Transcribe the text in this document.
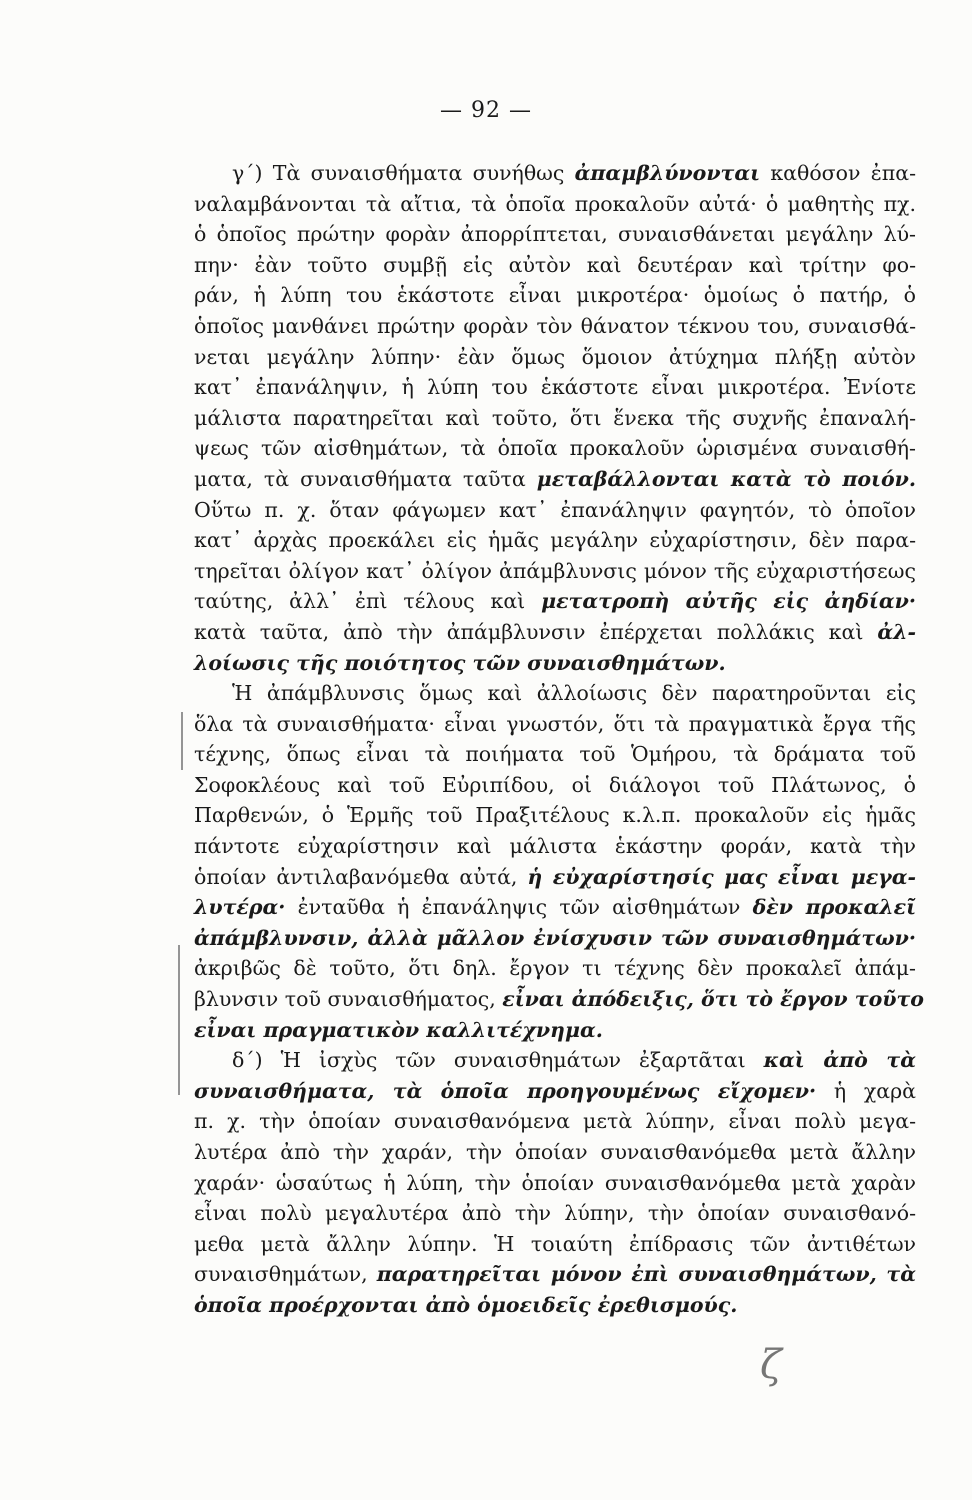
— 92 —
γ΄) Τὰ συναισθήματα συνήθως ἀπαμβλύνονται καθόσον ἐπα-
ναλαμβάνονται τὰ αἴτια, τὰ ὁποῖα προκαλοῦν αὐτά· ὁ μαθητὴς πχ.
ὁ ὁποῖος πρώτην φορὰν ἀπορρίπτεται, συναισθάνεται μεγάλην λύ-
πην· ἐὰν τοῦτο συμβῇ εἰς αὐτὸν καὶ δευτέραν καὶ τρίτην φο-
ράν, ἡ λύπη του ἑκάστοτε εἶναι μικροτέρα· ὁμοίως ὁ πατήρ, ὁ
ὁποῖος μανθάνει πρώτην φορὰν τὸν θάνατον τέκνου του, συναισθά-
νεται μεγάλην λύπην· ἐὰν ὅμως ὅμοιον ἀτύχημα πλήξῃ αὐτὸν
κατ᾽ ἐπανάληψιν, ἡ λύπη του ἑκάστοτε εἶναι μικροτέρα. Ἐνίοτε
μάλιστα παρατηρεῖται καὶ τοῦτο, ὅτι ἕνεκα τῆς συχνῆς ἐπαναλή-
ψεως τῶν αἰσθημάτων, τὰ ὁποῖα προκαλοῦν ὡρισμένα συναισθή-
ματα, τὰ συναισθήματα ταῦτα μεταβάλλονται κατὰ τὸ ποιόν.
Οὕτω π. χ. ὅταν φάγωμεν κατ᾽ ἐπανάληψιν φαγητόν, τὸ ὁποῖον
κατ᾽ ἀρχὰς προεκάλει εἰς ἡμᾶς μεγάλην εὐχαρίστησιν, δὲν παρα-
τηρεῖται ὀλίγον κατ᾽ ὀλίγον ἀπάμβλυνσις μόνον τῆς εὐχαριστήσεως
ταύτης, ἀλλ᾽ ἐπὶ τέλους καὶ μετατροπὴ αὐτῆς εἰς ἀηδίαν·
κατὰ ταῦτα, ἀπὸ τὴν ἀπάμβλυνσιν ἐπέρχεται πολλάκις καὶ ἀλ-
λοίωσις τῆς ποιότητος τῶν συναισθημάτων.
Ἡ ἀπάμβλυνσις ὅμως καὶ ἀλλοίωσις δὲν παρατηροῦνται εἰς
ὅλα τὰ συναισθήματα· εἶναι γνωστόν, ὅτι τὰ πραγματικὰ ἔργα τῆς
τέχνης, ὅπως εἶναι τὰ ποιήματα τοῦ Ὁμήρου, τὰ δράματα τοῦ
Σοφοκλέους καὶ τοῦ Εὐριπίδου, οἱ διάλογοι τοῦ Πλάτωνος, ὁ
Παρθενών, ὁ Ἑρμῆς τοῦ Πραξιτέλους κ.λ.π. προκαλοῦν εἰς ἡμᾶς
πάντοτε εὐχαρίστησιν καὶ μάλιστα ἑκάστην φοράν, κατὰ τὴν
ὁποίαν ἀντιλαβανόμεθα αὐτά, ἡ εὐχαρίστησίς μας εἶναι μεγα-
λυτέρα· ἐνταῦθα ἡ ἐπανάληψις τῶν αἰσθημάτων δὲν προκαλεῖ
ἀπάμβλυνσιν, ἀλλὰ μᾶλλον ἐνίσχυσιν τῶν συναισθημάτων·
ἀκριβῶς δὲ τοῦτο, ὅτι δηλ. ἔργον τι τέχνης δὲν προκαλεῖ ἀπάμ-
βλυνσιν τοῦ συναισθήματος, εἶναι ἀπόδειξις, ὅτι τὸ ἔργον τοῦτο
εἶναι πραγματικὸν καλλιτέχνημα.
δ΄) Ἡ ἰσχὺς τῶν συναισθημάτων ἐξαρτᾶται καὶ ἀπὸ τὰ
συναισθήματα, τὰ ὁποῖα προηγουμένως εἴχομεν· ἡ χαρὰ
π. χ. τὴν ὁποίαν συναισθανόμενα μετὰ λύπην, εἶναι πολὺ μεγα-
λυτέρα ἀπὸ τὴν χαράν, τὴν ὁποίαν συναισθανόμεθα μετὰ ἄλλην
χαράν· ὡσαύτως ἡ λύπη, τὴν ὁποίαν συναισθανόμεθα μετὰ χαρὰν
εἶναι πολὺ μεγαλυτέρα ἀπὸ τὴν λύπην, τὴν ὁποίαν συναισθανό-
μεθα μετὰ ἄλλην λύπην. Ἡ τοιαύτη ἐπίδρασις τῶν ἀντιθέτων
συναισθημάτων, παρατηρεῖται μόνον ἐπὶ συναισθημάτων, τὰ
ὁποῖα προέρχονται ἀπὸ ὁμοειδεῖς ἐρεθισμούς.
ζ
